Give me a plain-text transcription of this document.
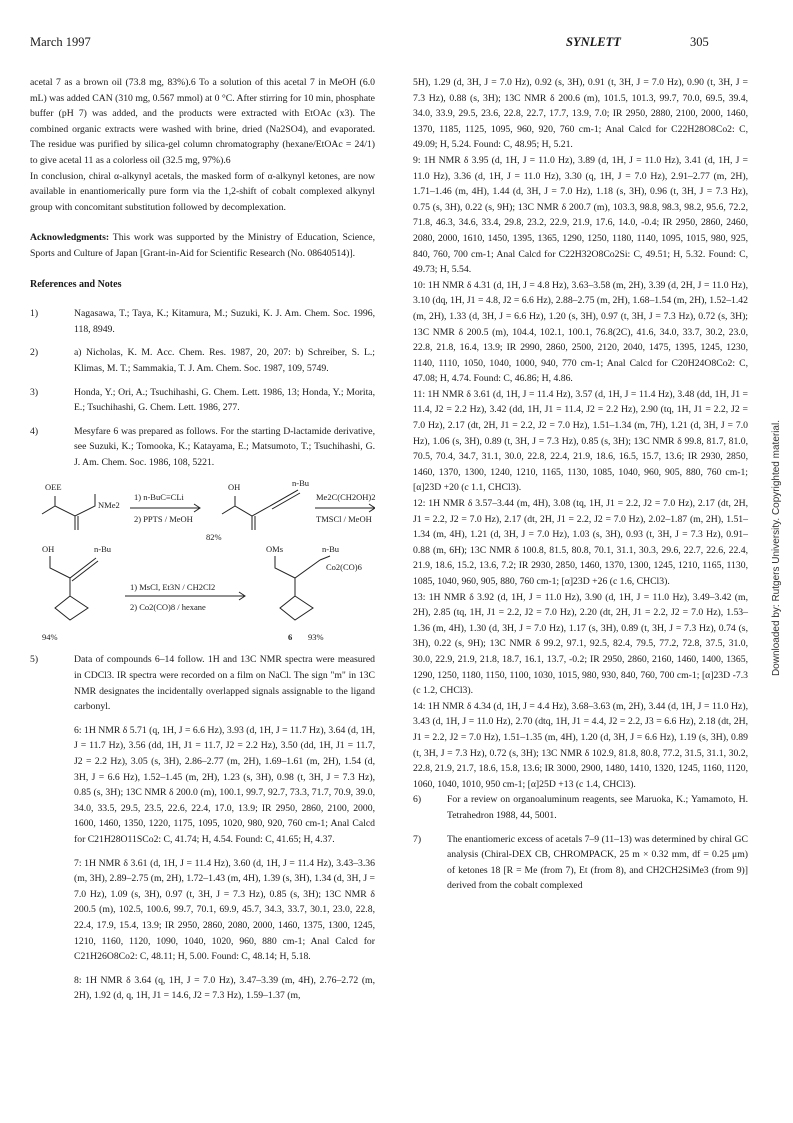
March 1997	SYNLETT	305

acetal 7 as a brown oil (73.8 mg, 83%).6 To a solution of this acetal 7 in MeOH (6.0 mL) was added CAN (310 mg, 0.567 mmol) at 0 °C. After stirring for 10 min, phosphate buffer (pH 7) was added, and the products were extracted with EtOAc (x3). The combined organic extracts were washed with brine, dried (Na2SO4), and evaporated. The residue was purified by silica-gel column chromatography (hexane/EtOAc = 24/1) to give acetal 11 as a colorless oil (32.5 mg, 97%).6

In conclusion, chiral α-alkynyl acetals, the masked form of α-alkynyl ketones, are now available in enantiomerically pure form via the 1,2-shift of cobalt complexed alkynyl group with concomitant substitution followed by decomplexation.

Acknowledgments: This work was supported by the Ministry of Education, Science, Sports and Culture of Japan [Grant-in-Aid for Scientific Research (No. 08640514)].

References and Notes
1)	Nagasawa, T.; Taya, K.; Kitamura, M.; Suzuki, K. J. Am. Chem. Soc. 1996, 118, 8949.
2)	a) Nicholas, K. M. Acc. Chem. Res. 1987, 20, 207: b) Schreiber, S. L.; Klimas, M. T.; Sammakia, T. J. Am. Chem. Soc. 1987, 109, 5749.
3)	Honda, Y.; Ori, A.; Tsuchihashi, G. Chem. Lett. 1986, 13; Honda, Y.; Morita, E.; Tsuchihashi, G. Chem. Lett. 1986, 277.
4)	Mesyfare 6 was prepared as follows. For the starting D-lactamide derivative, see Suzuki, K.; Tomooka, K.; Katayama, E.; Matsumoto, T.; Tsuchihashi, G. J. Am. Chem. Soc. 1986, 108, 5221.
OEE
NMe2
1) n-BuC≡CLi
2) PPTS / MeOH
OH	n-Bu
Me2C(CH2OH)2
TMSCl / MeOH
82%
OH	n-Bu
1) MsCl, Et3N / CH2Cl2
2) Co2(CO)8 / hexane
OMs	n-Bu
Co2(CO)6
94%	6 93%
5)	Data of compounds 6–14 follow. 1H and 13C NMR spectra were measured in CDCl3. IR spectra were recorded on a film on NaCl. The sign "m" in 13C NMR designates the incidentally overlapped signals assignable to the ligand carbonyl.

6: 1H NMR δ 5.71 (q, 1H, J = 6.6 Hz), 3.93 (d, 1H, J = 11.7 Hz), 3.64 (d, 1H, J = 11.7 Hz), 3.56 (dd, 1H, J1 = 11.7, J2 = 2.2 Hz), 3.50 (dd, 1H, J1 = 11.7, J2 = 2.2 Hz), 3.05 (s, 3H), 2.86–2.77 (m, 2H), 1.69–1.61 (m, 2H), 1.54 (d, 3H, J = 6.6 Hz), 1.52–1.45 (m, 2H), 1.23 (s, 3H), 0.98 (t, 3H, J = 7.3 Hz), 0.85 (s, 3H); 13C NMR δ 200.0 (m), 100.1, 99.7, 92.7, 73.3, 71.7, 70.9, 39.0, 34.0, 33.5, 29.5, 23.5, 22.6, 22.4, 17.0, 13.9; IR 2950, 2860, 2100, 2000, 1600, 1460, 1350, 1220, 1175, 1095, 1020, 980, 920, 760 cm-1; Anal Calcd for C21H28O11SCo2: C, 41.74; H, 4.54. Found: C, 41.65; H, 4.37.

7: 1H NMR δ 3.61 (d, 1H, J = 11.4 Hz), 3.60 (d, 1H, J = 11.4 Hz), 3.43–3.36 (m, 3H), 2.89–2.75 (m, 2H), 1.72–1.43 (m, 4H), 1.39 (s, 3H), 1.34 (d, 3H, J = 7.0 Hz), 1.09 (s, 3H), 0.97 (t, 3H, J = 7.3 Hz), 0.85 (s, 3H); 13C NMR δ 200.5 (m), 102.5, 100.6, 99.7, 70.1, 69.9, 45.7, 34.3, 33.7, 30.1, 23.0, 22.8, 22.4, 17.9, 15.4, 13.9; IR 2950, 2860, 2080, 2000, 1460, 1375, 1300, 1245, 1210, 1160, 1120, 1090, 1040, 1020, 960, 880 cm-1; Anal Calcd for C21H26O8Co2: C, 48.11; H, 5.00. Found: C, 48.14; H, 5.18.

8: 1H NMR δ 3.64 (q, 1H, J = 7.0 Hz), 3.47–3.39 (m, 4H), 2.76–2.72 (m, 2H), 1.92 (d, q, 1H, J1 = 14.6, J2 = 7.3 Hz), 1.59–1.37 (m,

5H), 1.29 (d, 3H, J = 7.0 Hz), 0.92 (s, 3H), 0.91 (t, 3H, J = 7.0 Hz), 0.90 (t, 3H, J = 7.3 Hz), 0.88 (s, 3H); 13C NMR δ 200.6 (m), 101.5, 101.3, 99.7, 70.0, 69.5, 39.4, 34.0, 33.9, 29.5, 23.6, 22.8, 22.7, 17.7, 13.9, 7.0; IR 2950, 2880, 2100, 2000, 1460, 1370, 1185, 1125, 1095, 960, 920, 760 cm-1; Anal Calcd for C22H28O8Co2: C, 49.09; H, 5.24. Found: C, 48.95; H, 5.21.

9: 1H NMR δ 3.95 (d, 1H, J = 11.0 Hz), 3.89 (d, 1H, J = 11.0 Hz), 3.41 (d, 1H, J = 11.0 Hz), 3.36 (d, 1H, J = 11.0 Hz), 3.30 (q, 1H, J = 7.0 Hz), 2.91–2.77 (m, 2H), 1.71–1.46 (m, 4H), 1.44 (d, 3H, J = 7.0 Hz), 1.18 (s, 3H), 0.96 (t, 3H, J = 7.3 Hz), 0.75 (s, 3H), 0.22 (s, 9H); 13C NMR δ 200.7 (m), 103.3, 98.8, 98.3, 98.2, 95.6, 72.2, 71.8, 46.3, 34.6, 33.4, 29.8, 23.2, 22.9, 21.9, 17.6, 14.0, -0.4; IR 2950, 2860, 2460, 2080, 2000, 1610, 1450, 1395, 1365, 1290, 1250, 1180, 1140, 1095, 1015, 980, 925, 840, 760, 700 cm-1; Anal Calcd for C22H32O8Co2Si: C, 49.51; H, 5.32. Found: C, 49.73; H, 5.54.

10: 1H NMR δ 4.31 (d, 1H, J = 4.8 Hz), 3.63–3.58 (m, 2H), 3.39 (d, 2H, J = 11.0 Hz), 3.10 (dq, 1H, J1 = 4.8, J2 = 6.6 Hz), 2.88–2.75 (m, 2H), 1.68–1.54 (m, 2H), 1.52–1.42 (m, 2H), 1.33 (d, 3H, J = 6.6 Hz), 1.20 (s, 3H), 0.97 (t, 3H, J = 7.3 Hz), 0.72 (s, 3H); 13C NMR δ 200.5 (m), 104.4, 102.1, 100.1, 76.8(2C), 41.6, 34.0, 33.7, 30.2, 23.0, 22.8, 21.8, 16.4, 13.9; IR 2990, 2860, 2500, 2120, 2040, 1475, 1395, 1245, 1230, 1140, 1110, 1050, 1040, 1000, 940, 770 cm-1; Anal Calcd for C20H24O8Co2: C, 47.08; H, 4.74. Found: C, 46.86; H, 4.86.

11: 1H NMR δ 3.61 (d, 1H, J = 11.4 Hz), 3.57 (d, 1H, J = 11.4 Hz), 3.48 (dd, 1H, J1 = 11.4, J2 = 2.2 Hz), 3.42 (dd, 1H, J1 = 11.4, J2 = 2.2 Hz), 2.90 (tq, 1H, J1 = 2.2, J2 = 7.0 Hz), 2.17 (dt, 2H, J1 = 2.2, J2 = 7.0 Hz), 1.51–1.34 (m, 7H), 1.21 (d, 3H, J = 7.0 Hz), 1.06 (s, 3H), 0.89 (t, 3H, J = 7.3 Hz), 0.85 (s, 3H); 13C NMR δ 99.8, 81.7, 81.0, 70.5, 70.4, 34.7, 31.1, 30.0, 22.8, 22.4, 21.9, 18.6, 16.5, 15.7, 13.6; IR 2930, 2850, 1460, 1370, 1300, 1240, 1210, 1165, 1130, 1085, 1040, 960, 905, 880, 760 cm-1; [α]23D +20 (c 1.1, CHCl3).

12: 1H NMR δ 3.57–3.44 (m, 4H), 3.08 (tq, 1H, J1 = 2.2, J2 = 7.0 Hz), 2.17 (dt, 2H, J1 = 2.2, J2 = 7.0 Hz), 2.17 (dt, 2H, J1 = 2.2, J2 = 7.0 Hz), 2.02–1.87 (m, 2H), 1.51–1.34 (m, 4H), 1.21 (d, 3H, J = 7.0 Hz), 1.03 (s, 3H), 0.93 (t, 3H, J = 7.3 Hz), 0.91–0.88 (m, 6H); 13C NMR δ 100.8, 81.5, 80.8, 70.1, 31.1, 30.3, 29.6, 22.7, 22.6, 22.4, 21.9, 18.6, 15.2, 13.6, 7.2; IR 2930, 2850, 1460, 1370, 1300, 1245, 1210, 1165, 1130, 1085, 1040, 960, 905, 880, 760 cm-1; [α]23D +26 (c 1.6, CHCl3).

13: 1H NMR δ 3.92 (d, 1H, J = 11.0 Hz), 3.90 (d, 1H, J = 11.0 Hz), 3.49–3.42 (m, 2H), 2.85 (tq, 1H, J1 = 2.2, J2 = 7.0 Hz), 2.20 (dt, 2H, J1 = 2.2, J2 = 7.0 Hz), 1.53–1.36 (m, 4H), 1.30 (d, 3H, J = 7.0 Hz), 1.17 (s, 3H), 0.89 (t, 3H, J = 7.3 Hz), 0.74 (s, 3H), 0.22 (s, 9H); 13C NMR δ 99.2, 97.1, 92.5, 82.4, 79.5, 77.2, 72.8, 37.5, 31.0, 30.0, 22.9, 21.9, 21.8, 18.7, 16.1, 13.7, -0.2; IR 2950, 2860, 2160, 1460, 1400, 1365, 1290, 1250, 1180, 1150, 1100, 1030, 1015, 980, 930, 840, 760, 700 cm-1; [α]23D -7.3 (c 1.2, CHCl3).

14: 1H NMR δ 4.34 (d, 1H, J = 4.4 Hz), 3.68–3.63 (m, 2H), 3.44 (d, 1H, J = 11.0 Hz), 3.43 (d, 1H, J = 11.0 Hz), 2.70 (dtq, 1H, J1 = 4.4, J2 = 2.2, J3 = 6.6 Hz), 2.18 (dt, 2H, J1 = 2.2, J2 = 7.0 Hz), 1.51–1.35 (m, 4H), 1.20 (d, 3H, J = 6.6 Hz), 1.19 (s, 3H), 0.89 (t, 3H, J = 7.3 Hz), 0.72 (s, 3H); 13C NMR δ 102.9, 81.8, 80.8, 77.2, 31.5, 31.1, 30.2, 22.8, 21.9, 21.7, 18.6, 15.8, 13.6; IR 3000, 2900, 1480, 1410, 1320, 1245, 1160, 1120, 1060, 1040, 1010, 950 cm-1; [α]25D +13 (c 1.4, CHCl3).

6)	For a review on organoaluminum reagents, see Maruoka, K.; Yamamoto, H. Tetrahedron 1988, 44, 5001.
7)	The enantiomeric excess of acetals 7–9 (11–13) was determined by chiral GC analysis (Chiral-DEX CB, CHROMPACK, 25 m × 0.32 mm, df = 0.25 μm) of ketones 18 [R = Me (from 7), Et (from 8), and CH2CH2SiMe3 (from 9)] derived from the cobalt complexed
Downloaded by: Rutgers University. Copyrighted material.
